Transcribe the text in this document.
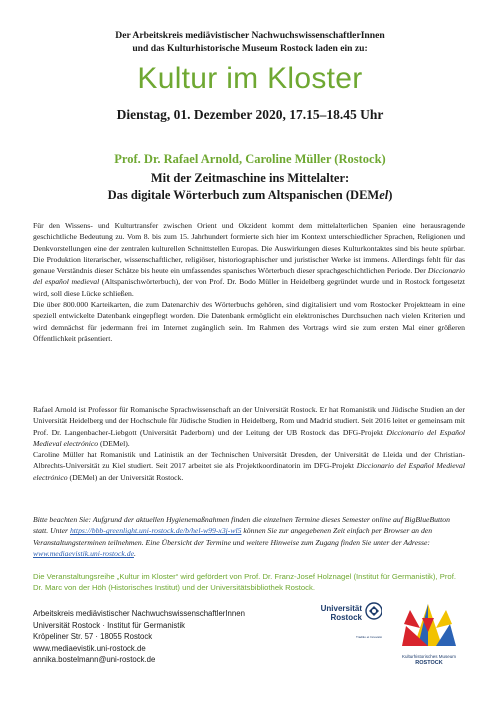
Der Arbeitskreis mediävistischer NachwuchswissenschaftlerInnen
und das Kulturhistorische Museum Rostock laden ein zu:
Kultur im Kloster
Dienstag, 01. Dezember 2020, 17.15–18.45 Uhr
Prof. Dr. Rafael Arnold, Caroline Müller (Rostock)
Mit der Zeitmaschine ins Mittelalter:
Das digitale Wörterbuch zum Altspanischen (DEMel)
Für den Wissens- und Kulturtransfer zwischen Orient und Okzident kommt dem mittelalterlichen Spanien eine herausragende geschichtliche Bedeutung zu. Vom 8. bis zum 15. Jahrhundert formierte sich hier im Kontext unterschiedlicher Sprachen, Religionen und Denkvorstellungen eine der zentralen kulturellen Schnittstellen Europas. Die Auswirkungen dieses Kulturkontaktes sind bis heute spürbar. Die Produktion literarischer, wissenschaftlicher, religiöser, historiographischer und juristischer Werke ist immens. Allerdings fehlt für das genaue Verständnis dieser Schätze bis heute ein umfassendes spanisches Wörterbuch dieser sprachgeschichtlichen Periode. Der Diccionario del español medieval (Altspanischwörterbuch), der von Prof. Dr. Bodo Müller in Heidelberg gegründet wurde und in Rostock fortgesetzt wird, soll diese Lücke schließen.
Die über 800.000 Karteikarten, die zum Datenarchiv des Wörterbuchs gehören, sind digitalisiert und vom Rostocker Projektteam in eine speziell entwickelte Datenbank eingepflegt worden. Die Datenbank ermöglicht ein elektronisches Durchsuchen nach vielen Kriterien und wird demnächst für jedermann frei im Internet zugänglich sein. Im Rahmen des Vortrags wird sie zum ersten Mal einer größeren Öffentlichkeit präsentiert.
Rafael Arnold ist Professor für Romanische Sprachwissenschaft an der Universität Rostock. Er hat Romanistik und Jüdische Studien an der Universität Heidelberg und der Hochschule für Jüdische Studien in Heidelberg, Rom und Madrid studiert. Seit 2016 leitet er gemeinsam mit Prof. Dr. Langenbacher-Liebgott (Universität Paderborn) und der Leitung der UB Rostock das DFG-Projekt Diccionario del Español Medieval electrónico (DEMel).
Caroline Müller hat Romanistik und Latinistik an der Technischen Universität Dresden, der Universität de Lleida und der Christian-Albrechts-Universität zu Kiel studiert. Seit 2017 arbeitet sie als Projektkoordinatorin im DFG-Projekt Diccionario del Español Medieval electrónico (DEMel) an der Universität Rostock.
Bitte beachten Sie: Aufgrund der aktuellen Hygienemaßnahmen finden die einzelnen Termine dieses Semester online auf BigBlueButton statt. Unter https://bbb-greenlight.uni-rostock.de/b/hel-w99-x3j-wl5 können Sie zur angegebenen Zeit einfach per Browser an den Veranstaltungsterminen teilnehmen. Eine Übersicht der Termine und weitere Hinweise zum Zugang finden Sie unter der Adresse: www.mediaevistik.uni-rostock.de.
Die Veranstaltungsreihe „Kultur im Kloster“ wird gefördert von Prof. Dr. Franz-Josef Holznagel (Institut für Germanistik), Prof. Dr. Marc von der Höh (Historisches Institut) und der Universitätsbibliothek Rostock.
Arbeitskreis mediävistischer NachwuchswissenschaftlerInnen
Universität Rostock · Institut für Germanistik
Kröpeliner Str. 57 · 18055 Rostock
www.mediaevistik.uni-rostock.de
annika.bostelmann@uni-rostock.de
Universität
Rostock
Traditio et Innovatio
Kulturhistorisches Museum
ROSTOCK
